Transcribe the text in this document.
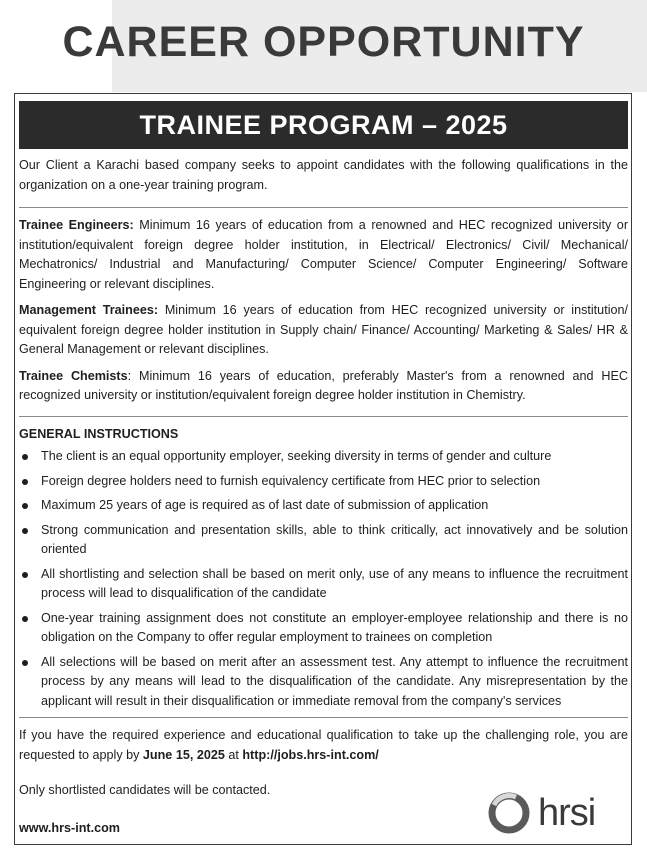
CAREER OPPORTUNITY
TRAINEE PROGRAM – 2025

Our Client a Karachi based company seeks to appoint candidates with the following qualifications in the organization on a one-year training program.

Trainee Engineers: Minimum 16 years of education from a renowned and HEC recognized university or institution/equivalent foreign degree holder institution, in Electrical/ Electronics/ Civil/ Mechanical/ Mechatronics/ Industrial and Manufacturing/ Computer Science/ Computer Engineering/ Software Engineering or relevant disciplines.

Management Trainees: Minimum 16 years of education from HEC recognized university or institution/ equivalent foreign degree holder institution in Supply chain/ Finance/ Accounting/ Marketing & Sales/ HR & General Management or relevant disciplines.

Trainee Chemists: Minimum 16 years of education, preferably Master's from a renowned and HEC recognized university or institution/equivalent foreign degree holder institution in Chemistry.

GENERAL INSTRUCTIONS

The client is an equal opportunity employer, seeking diversity in terms of gender and culture
Foreign degree holders need to furnish equivalency certificate from HEC prior to selection
Maximum 25 years of age is required as of last date of submission of application
Strong communication and presentation skills, able to think critically, act innovatively and be solution oriented
All shortlisting and selection shall be based on merit only, use of any means to influence the recruitment process will lead to disqualification of the candidate
One-year training assignment does not constitute an employer-employee relationship and there is no obligation on the Company to offer regular employment to trainees on completion
All selections will be based on merit after an assessment test. Any attempt to influence the recruitment process by any means will lead to the disqualification of the candidate. Any misrepresentation by the applicant will result in their disqualification or immediate removal from the company's services

If you have the required experience and educational qualification to take up the challenging role, you are requested to apply by June 15, 2025 at http://jobs.hrs-int.com/

Only shortlisted candidates will be contacted.

www.hrs-int.com	hrsi
